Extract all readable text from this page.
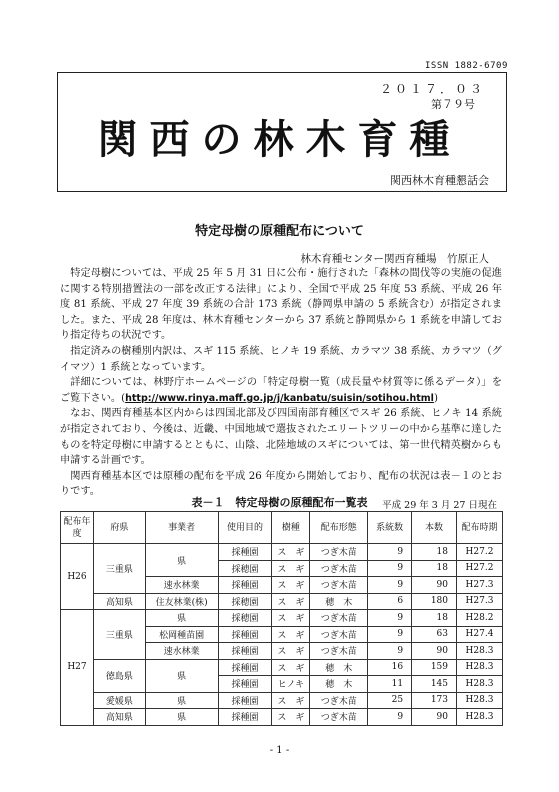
ISSN 1882-6709
２０１７．０３
第７９号
関西の林木育種
関西林木育種懇話会
特定母樹の原種配布について
林木育種センター関西育種場　竹原正人

特定母樹については、平成 25 年 5 月 31 日に公布・施行された「森林の間伐等の実施の促進に関する特別措置法の一部を改正する法律」により、全国で平成 25 年度 53 系統、平成 26 年度 81 系統、平成 27 年度 39 系統の合計 173 系統（静岡県申請の 5 系統含む）が指定されました。また、平成 28 年度は、林木育種センターから 37 系統と静岡県から 1 系統を申請しており指定待ちの状況です。

指定済みの樹種別内訳は、スギ 115 系統、ヒノキ 19 系統、カラマツ 38 系統、カラマツ（グイマツ）1 系統となっています。

詳細については、林野庁ホームページの「特定母樹一覧（成長量や材質等に係るデータ）」をご覧下さい。(http://www.rinya.maff.go.jp/j/kanbatu/suisin/sotihou.html)

なお、関西育種基本区内からは四国北部及び四国南部育種区でスギ 26 系統、ヒノキ 14 系統が指定されており、今後は、近畿、中国地域で選抜されたエリートツリーの中から基準に達したものを特定母樹に申請するとともに、山陰、北陸地域のスギについては、第一世代精英樹からも申請する計画です。

関西育種基本区では原種の配布を平成 26 年度から開始しており、配布の状況は表－１のとおりです。

表－１　特定母樹の原種配布一覧表	平成 29 年 3 月 27 日現在
配布年度	府県	事業者	使用目的	樹種	配布形態	系統数	本数	配布時期
H26	三重県	県	採種園	ス　ギ	つぎ木苗	9	18	H27.2
			採穂園	ス　ギ	つぎ木苗	9	18	H27.2
		速水林業	採種園	ス　ギ	つぎ木苗	9	90	H27.3
	高知県	住友林業(株)	採穂園	ス　ギ	穂　木	6	180	H27.3
H27	三重県	県	採穂園	ス　ギ	つぎ木苗	9	18	H28.2
		松岡種苗園	採種園	ス　ギ	つぎ木苗	9	63	H27.4
		速水林業	採種園	ス　ギ	つぎ木苗	9	90	H28.3
	徳島県	県	採種園	ス　ギ	穂　木	16	159	H28.3
			採種園	ヒノキ	穂　木	11	145	H28.3
	愛媛県	県	採種園	ス　ギ	つぎ木苗	25	173	H28.3
	高知県	県	採種園	ス　ギ	つぎ木苗	9	90	H28.3
- 1 -
